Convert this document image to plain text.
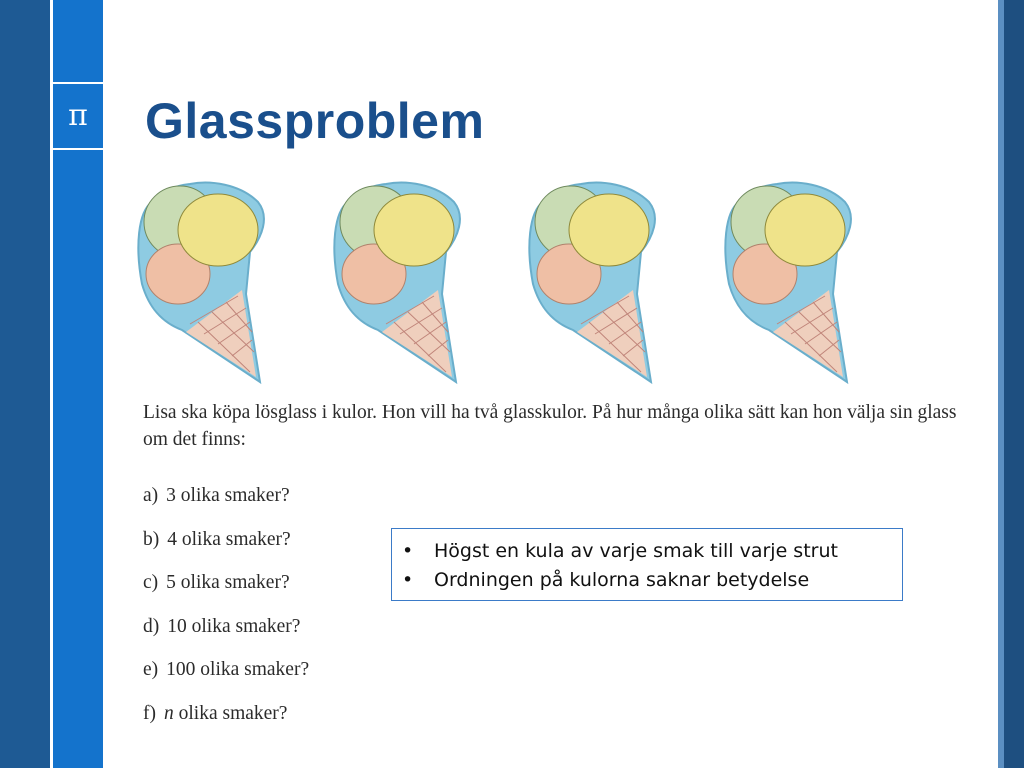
π Glassproblem

Lisa ska köpa lösglass i kulor. Hon vill ha två glasskulor. På hur många olika sätt kan hon välja sin glass om det finns:

a) 3 olika smaker?

b) 4 olika smaker?

c) 5 olika smaker?

d) 10 olika smaker?

e) 100 olika smaker?

f) n olika smaker?

•	Högst en kula av varje smak till varje strut
•	Ordningen på kulorna saknar betydelse
